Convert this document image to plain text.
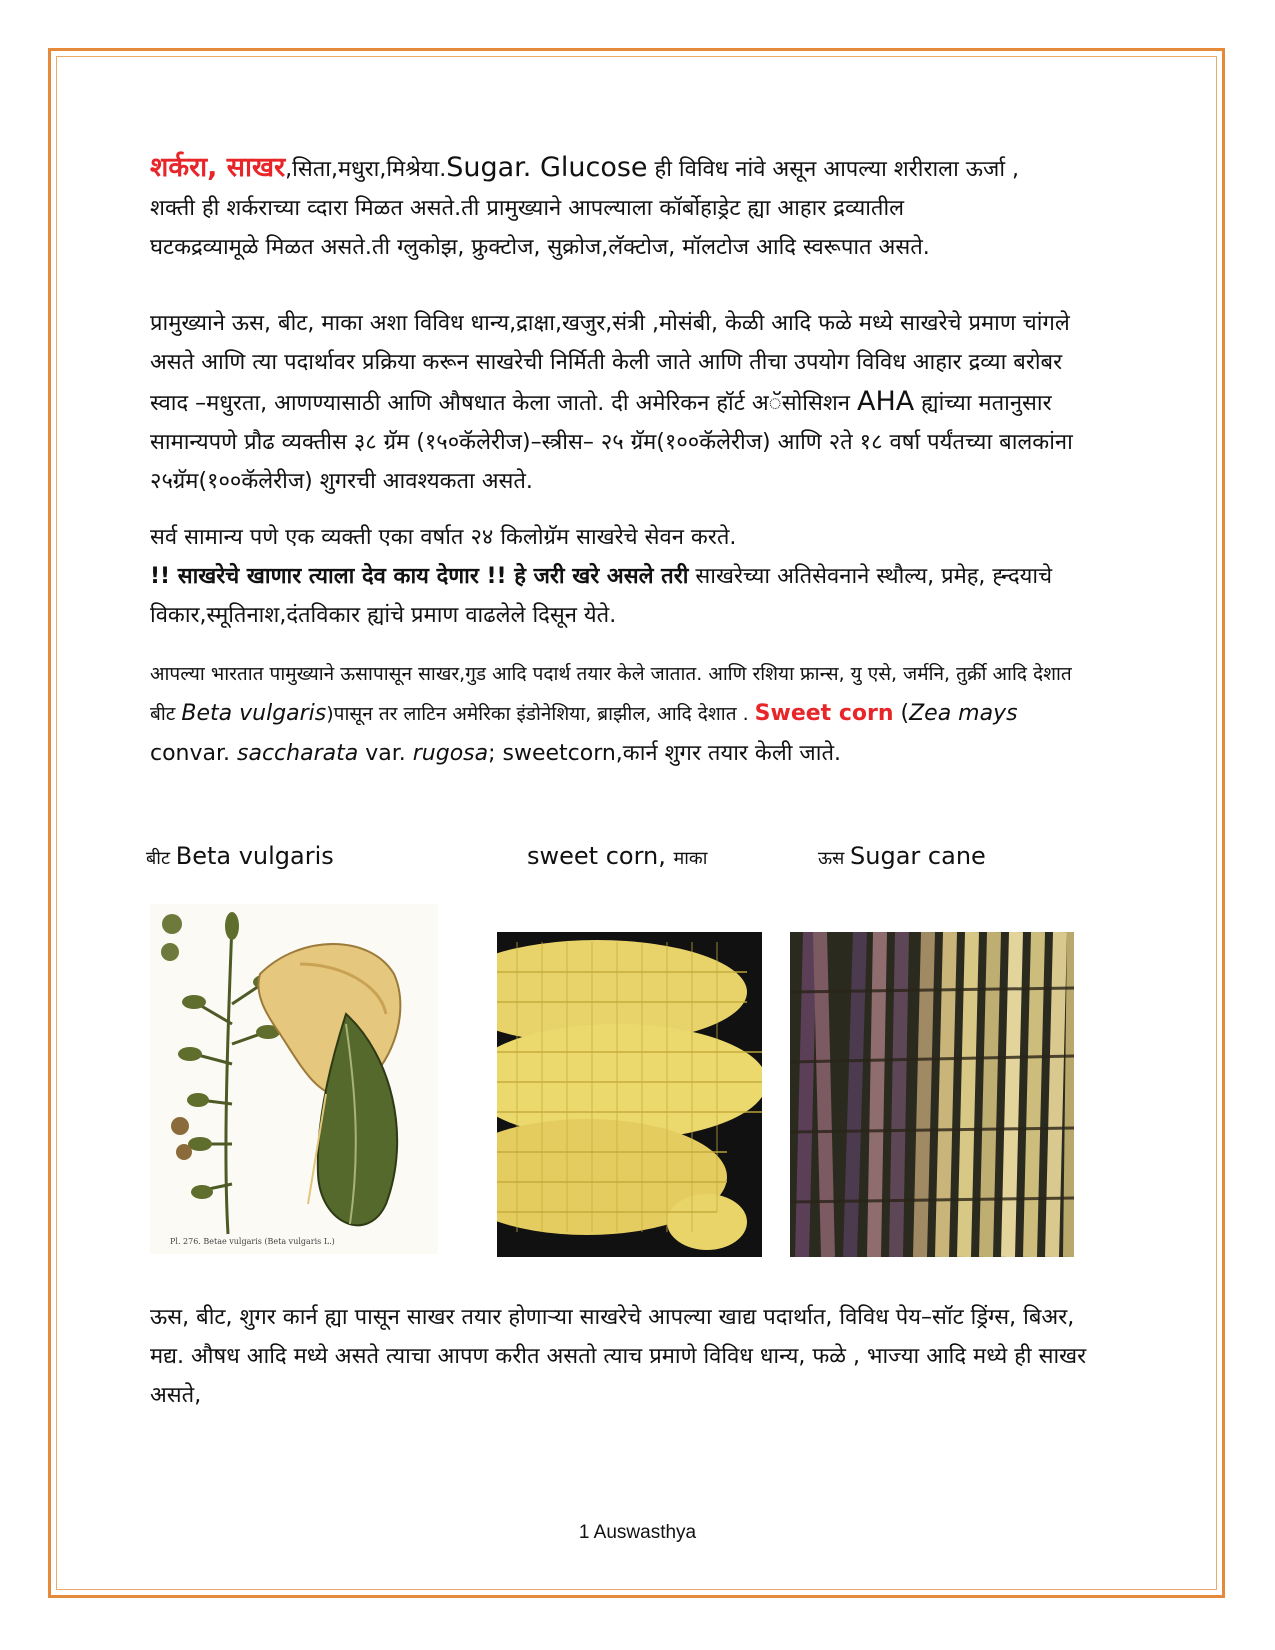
शर्करा, साखर,सिता,मधुरा,मिश्रेया.Sugar. Glucose ही विविध नांवे असून आपल्या शरीराला ऊर्जा ,
शक्ती ही शर्कराच्या व्दारा मिळत असते.ती प्रामुख्याने आपल्याला कॉर्बोहाड्रेट ह्या आहार द्रव्यातील
घटकद्रव्यामूळे मिळत असते.ती ग्लुकोझ, फ्रुक्टोज, सुक्रोज,लॅक्टोज, मॉलटोज आदि स्वरूपात असते.

प्रामुख्याने ऊस, बीट, माका अशा विविध धान्य,द्राक्षा,खजुर,संत्री ,मोसंबी, केळी आदि फळे मध्ये साखरेचे प्रमाण चांगले असते आणि त्या पदार्थावर प्रक्रिया करून साखरेची निर्मिती केली जाते आणि तीचा उपयोग विविध आहार द्रव्या बरोबर स्वाद –मधुरता, आणण्यासाठी आणि औषधात केला जातो. दी अमेरिकन हॉर्ट अॅसोसिशन AHA ह्यांच्या मतानुसार सामान्यपणे प्रौढ व्यक्तीस ३८ ग्रॅम (१५०कॅलेरीज)–स्त्रीस– २५ ग्रॅम(१००कॅलेरीज) आणि २ते १८ वर्षा पर्यंतच्या बालकांना २५ग्रॅम(१००कॅलेरीज) शुगरची आवश्यकता असते.

सर्व सामान्य पणे एक व्यक्ती एका वर्षात २४ किलोग्रॅम साखरेचे सेवन करते.
!! साखरेचे खाणार त्याला देव काय देणार !! हे जरी खरे असले तरी साखरेच्या अतिसेवनाने स्थौल्य, प्रमेह, ह्न्दयाचे विकार,स्मूतिनाश,दंतविकार ह्यांचे प्रमाण वाढलेले दिसून येते.

आपल्या भारतात पामुख्याने ऊसापासून साखर,गुड आदि पदार्थ तयार केले जातात. आणि रशिया फ्रान्स, यु एसे, जर्मनि, तुर्क्री आदि देशात बीट Beta vulgaris)पासून तर लाटिन अमेरिका इंडोनेशिया, ब्राझील, आदि देशात . Sweet corn (Zea mays convar. saccharata var. rugosa; sweetcorn,कार्न शुगर तयार केली जाते.

बीट Beta vulgaris	sweet corn, माका	ऊस Sugar cane
Pl. 276. Betae vulgaris (Beta vulgaris L.)

ऊस, बीट, शुगर कार्न ह्या पासून साखर तयार होणाऱ्या साखरेचे आपल्या खाद्य पदार्थात, विविध पेय–सॉट ड्रिंग्स, बिअर, मद्य. औषध आदि मध्ये असते त्याचा आपण करीत असतो त्याच प्रमाणे विविध धान्य, फळे , भाज्या आदि मध्ये ही साखर असते,

1 Auswasthya
